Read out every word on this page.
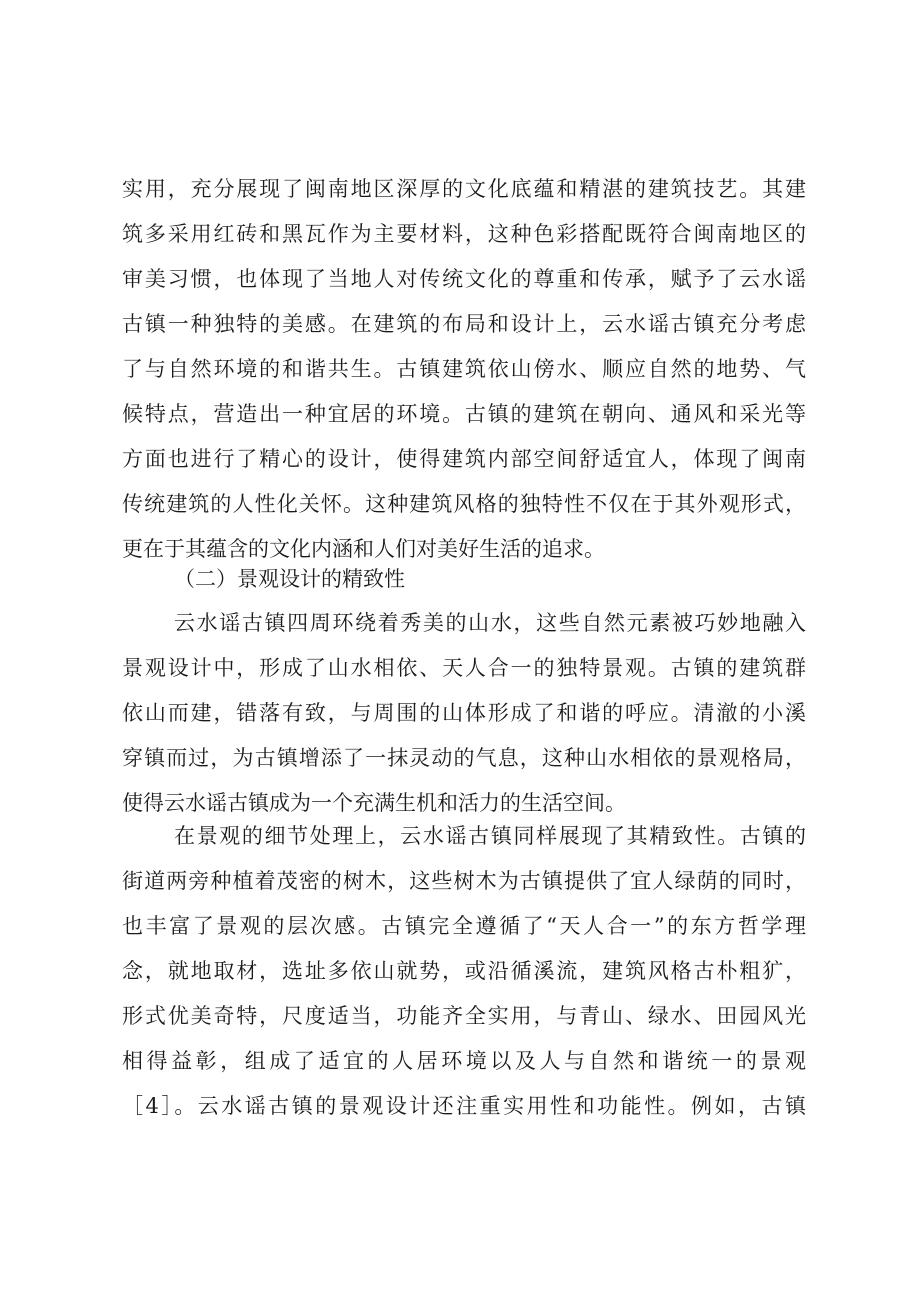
实用，充分展现了闽南地区深厚的文化底蕴和精湛的建筑技艺。其建
筑多采用红砖和黑瓦作为主要材料，这种色彩搭配既符合闽南地区的
审美习惯，也体现了当地人对传统文化的尊重和传承，赋予了云水谣
古镇一种独特的美感。在建筑的布局和设计上，云水谣古镇充分考虑
了与自然环境的和谐共生。古镇建筑依山傍水、顺应自然的地势、气
候特点，营造出一种宜居的环境。古镇的建筑在朝向、通风和采光等
方面也进行了精心的设计，使得建筑内部空间舒适宜人，体现了闽南
传统建筑的人性化关怀。这种建筑风格的独特性不仅在于其外观形式，
更在于其蕴含的文化内涵和人们对美好生活的追求。
（二）景观设计的精致性
云水谣古镇四周环绕着秀美的山水，这些自然元素被巧妙地融入
景观设计中，形成了山水相依、天人合一的独特景观。古镇的建筑群
依山而建，错落有致，与周围的山体形成了和谐的呼应。清澈的小溪
穿镇而过，为古镇增添了一抹灵动的气息，这种山水相依的景观格局，
使得云水谣古镇成为一个充满生机和活力的生活空间。
在景观的细节处理上，云水谣古镇同样展现了其精致性。古镇的
街道两旁种植着茂密的树木，这些树木为古镇提供了宜人绿荫的同时，
也丰富了景观的层次感。古镇完全遵循了“天人合一”的东方哲学理
念，就地取材，选址多依山就势，或沿循溪流，建筑风格古朴粗犷，
形式优美奇特，尺度适当，功能齐全实用，与青山、绿水、田园风光
相得益彰，组成了适宜的人居环境以及人与自然和谐统一的景观
［4］。云水谣古镇的景观设计还注重实用性和功能性。例如，古镇
